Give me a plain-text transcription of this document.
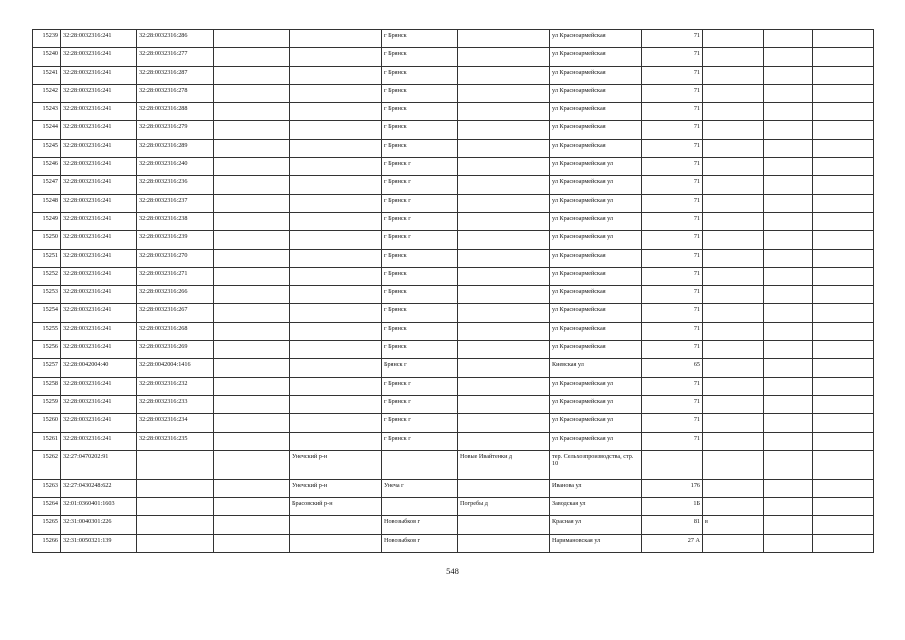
15239	32:28:0032316:241	32:28:0032316:286			г Брянск		ул Красноармейская	71			
15240	32:28:0032316:241	32:28:0032316:277			г Брянск		ул Красноармейская	71			
15241	32:28:0032316:241	32:28:0032316:287			г Брянск		ул Красноармейская	71			
15242	32:28:0032316:241	32:28:0032316:278			г Брянск		ул Красноармейская	71			
15243	32:28:0032316:241	32:28:0032316:288			г Брянск		ул Красноармейская	71			
15244	32:28:0032316:241	32:28:0032316:279			г Брянск		ул Красноармейская	71			
15245	32:28:0032316:241	32:28:0032316:289			г Брянск		ул Красноармейская	71			
15246	32:28:0032316:241	32:28:0032316:240			г Брянск г		ул Красноармейская ул	71			
15247	32:28:0032316:241	32:28:0032316:236			г Брянск г		ул Красноармейская ул	71			
15248	32:28:0032316:241	32:28:0032316:237			г Брянск г		ул Красноармейская ул	71			
15249	32:28:0032316:241	32:28:0032316:238			г Брянск г		ул Красноармейская ул	71			
15250	32:28:0032316:241	32:28:0032316:239			г Брянск г		ул Красноармейская ул	71			
15251	32:28:0032316:241	32:28:0032316:270			г Брянск		ул Красноармейская	71			
15252	32:28:0032316:241	32:28:0032316:271			г Брянск		ул Красноармейская	71			
15253	32:28:0032316:241	32:28:0032316:266			г Брянск		ул Красноармейская	71			
15254	32:28:0032316:241	32:28:0032316:267			г Брянск		ул Красноармейская	71			
15255	32:28:0032316:241	32:28:0032316:268			г Брянск		ул Красноармейская	71			
15256	32:28:0032316:241	32:28:0032316:269			г Брянск		ул Красноармейская	71			
15257	32:28:0042004:40	32:28:0042004:1416			Брянск г		Киевская ул	65			
15258	32:28:0032316:241	32:28:0032316:232			г Брянск г		ул Красноармейская ул	71			
15259	32:28:0032316:241	32:28:0032316:233			г Брянск г		ул Красноармейская ул	71			
15260	32:28:0032316:241	32:28:0032316:234			г Брянск г		ул Красноармейская ул	71			
15261	32:28:0032316:241	32:28:0032316:235			г Брянск г		ул Красноармейская ул	71			
15262	32:27:0470202:91			Унечский р-н		Новые Ивайтенки д	тер. Сельхозпроизводства, стр. 10				
15263	32:27:0430248:622			Унечский р-н	Унеча г		Иванова ул	176			
15264	32:01:0360401:1603			Брасовский р-н		Погребы д	Заводская ул	1Б			
15265	32:31:0040301:226				Новозыбков г		Красная ул	81	в		
15266	32:31:0050321:139				Новозыбков г		Наримановская ул	27 А			
548
